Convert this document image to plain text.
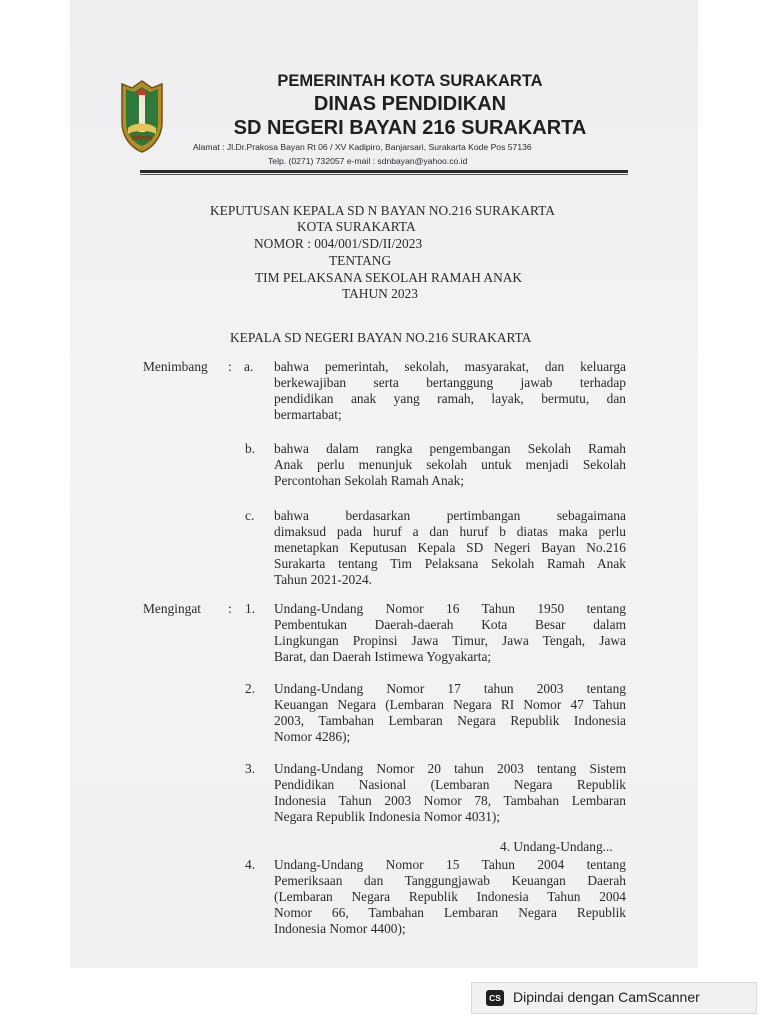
PEMERINTAH KOTA SURAKARTA
DINAS PENDIDIKAN
SD NEGERI BAYAN 216 SURAKARTA
Alamat : Jl.Dr.Prakosa Bayan Rt 06 / XV Kadipiro, Banjarsari, Surakarta Kode Pos 57136
Telp. (0271) 732057 e-mail : sdnbayan@yahoo.co.id
KEPUTUSAN KEPALA SD N BAYAN NO.216 SURAKARTA
KOTA SURAKARTA
NOMOR : 004/001/SD/II/2023
TENTANG
TIM PELAKSANA SEKOLAH RAMAH ANAK
TAHUN 2023
KEPALA SD NEGERI BAYAN NO.216 SURAKARTA
Menimbang : a. bahwa pemerintah, sekolah, masyarakat, dan keluarga
berkewajiban serta bertanggung jawab terhadap
pendidikan anak yang ramah, layak, bermutu, dan
bermartabat;
b. bahwa dalam rangka pengembangan Sekolah Ramah
Anak perlu menunjuk sekolah untuk menjadi Sekolah
Percontohan Sekolah Ramah Anak;
c. bahwa berdasarkan pertimbangan sebagaimana
dimaksud pada huruf a dan huruf b diatas maka perlu
menetapkan Keputusan Kepala SD Negeri Bayan No.216
Surakarta tentang Tim Pelaksana Sekolah Ramah Anak
Tahun 2021-2024.
Mengingat : 1. Undang-Undang Nomor 16 Tahun 1950 tentang
Pembentukan Daerah-daerah Kota Besar dalam
Lingkungan Propinsi Jawa Timur, Jawa Tengah, Jawa
Barat, dan Daerah Istimewa Yogyakarta;
2. Undang-Undang Nomor 17 tahun 2003 tentang
Keuangan Negara (Lembaran Negara RI Nomor 47 Tahun
2003, Tambahan Lembaran Negara Republik Indonesia
Nomor 4286);
3. Undang-Undang Nomor 20 tahun 2003 tentang Sistem
Pendidikan Nasional (Lembaran Negara Republik
Indonesia Tahun 2003 Nomor 78, Tambahan Lembaran
Negara Republik Indonesia Nomor 4031);
4. Undang-Undang...
4. Undang-Undang Nomor 15 Tahun 2004 tentang
Pemeriksaan dan Tanggungjawab Keuangan Daerah
(Lembaran Negara Republik Indonesia Tahun 2004
Nomor 66, Tambahan Lembaran Negara Republik
Indonesia Nomor 4400);
CS Dipindai dengan CamScanner
